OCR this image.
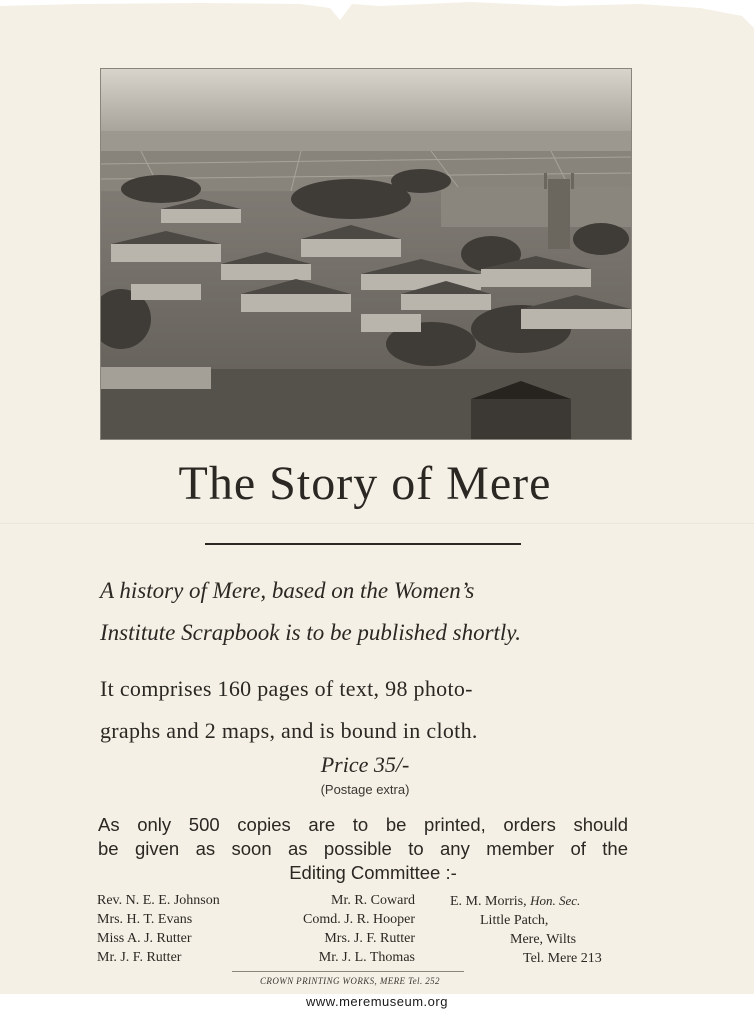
The Story of Mere
A history of Mere, based on the Women’s
Institute Scrapbook is to be published shortly.
It comprises 160 pages of text, 98 photo-
graphs and 2 maps, and is bound in cloth.
Price 35/-
(Postage extra)
As only 500 copies are to be printed, orders should
be given as soon as possible to any member of the
Editing Committee :-
Rev. N. E. E. Johnson
Mrs. H. T. Evans
Miss A. J. Rutter
Mr. J. F. Rutter
Mr. R. Coward
Comd. J. R. Hooper
Mrs. J. F. Rutter
Mr. J. L. Thomas
E. M. Morris, Hon. Sec.
Little Patch,
Mere, Wilts
Tel. Mere 213
CROWN PRINTING WORKS, MERE Tel. 252
www.meremuseum.org
